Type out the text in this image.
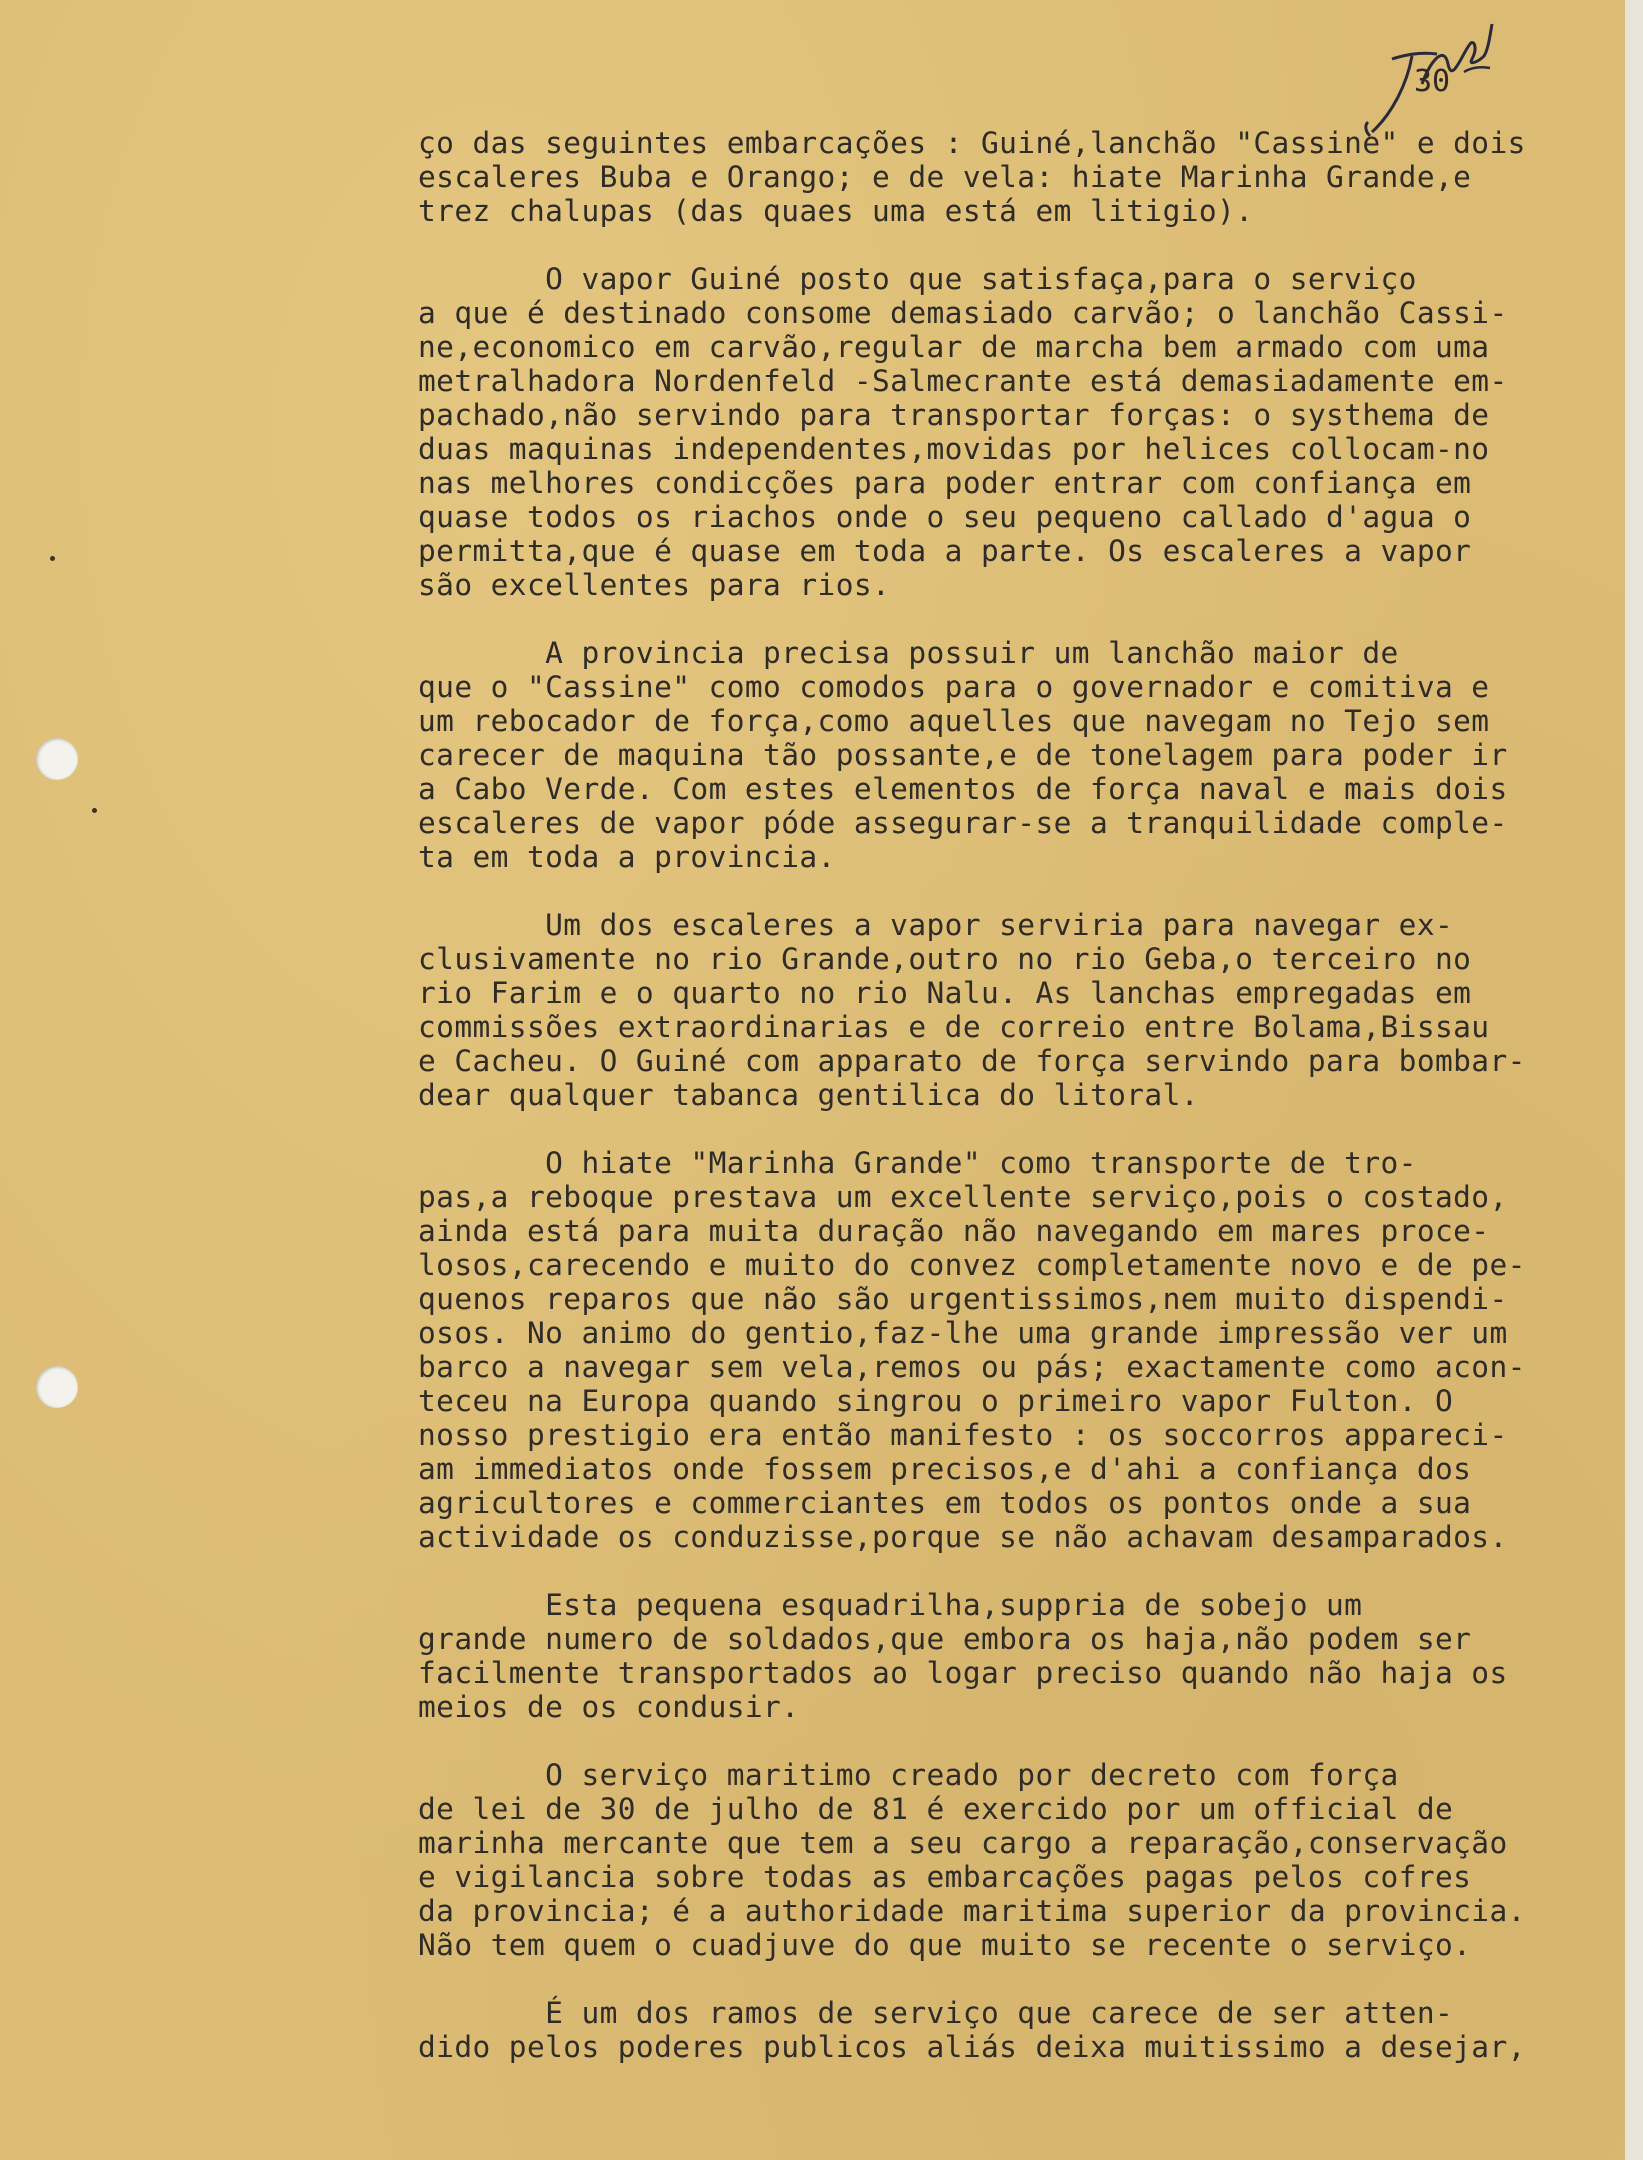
30
ço das seguintes embarcações : Guiné,lanchão "Cassine" e dois
escaleres Buba e Orango; e de vela: hiate Marinha Grande,e
trez chalupas (das quaes uma está em litigio).
O vapor Guiné posto que satisfaça,para o serviço
a que é destinado consome demasiado carvão; o lanchão Cassi-
ne,economico em carvão,regular de marcha bem armado com uma
metralhadora Nordenfeld -Salmecrante está demasiadamente em-
pachado,não servindo para transportar forças: o systhema de
duas maquinas independentes,movidas por helices collocam-no
nas melhores condicções para poder entrar com confiança em
quase todos os riachos onde o seu pequeno callado d'agua o
permitta,que é quase em toda a parte. Os escaleres a vapor
são excellentes para rios.
A provincia precisa possuir um lanchão maior de
que o "Cassine" como comodos para o governador e comitiva e
um rebocador de força,como aquelles que navegam no Tejo sem
carecer de maquina tão possante,e de tonelagem para poder ir
a Cabo Verde. Com estes elementos de força naval e mais dois
escaleres de vapor póde assegurar-se a tranquilidade comple-
ta em toda a provincia.
Um dos escaleres a vapor serviria para navegar ex-
clusivamente no rio Grande,outro no rio Geba,o terceiro no
rio Farim e o quarto no rio Nalu. As lanchas empregadas em
commissões extraordinarias e de correio entre Bolama,Bissau
e Cacheu. O Guiné com apparato de força servindo para bombar-
dear qualquer tabanca gentilica do litoral.
O hiate "Marinha Grande" como transporte de tro-
pas,a reboque prestava um excellente serviço,pois o costado,
ainda está para muita duração não navegando em mares proce-
losos,carecendo e muito do convez completamente novo e de pe-
quenos reparos que não são urgentissimos,nem muito dispendi-
osos. No animo do gentio,faz-lhe uma grande impressão ver um
barco a navegar sem vela,remos ou pás; exactamente como acon-
teceu na Europa quando singrou o primeiro vapor Fulton. O
nosso prestigio era então manifesto : os soccorros appareci-
am immediatos onde fossem precisos,e d'ahi a confiança dos
agricultores e commerciantes em todos os pontos onde a sua
actividade os conduzisse,porque se não achavam desamparados.
Esta pequena esquadrilha,suppria de sobejo um
grande numero de soldados,que embora os haja,não podem ser
facilmente transportados ao logar preciso quando não haja os
meios de os condusir.
O serviço maritimo creado por decreto com força
de lei de 30 de julho de 81 é exercido por um official de
marinha mercante que tem a seu cargo a reparação,conservação
e vigilancia sobre todas as embarcações pagas pelos cofres
da provincia; é a authoridade maritima superior da provincia.
Não tem quem o cuadjuve do que muito se recente o serviço.
É um dos ramos de serviço que carece de ser atten-
dido pelos poderes publicos aliás deixa muitissimo a desejar,
